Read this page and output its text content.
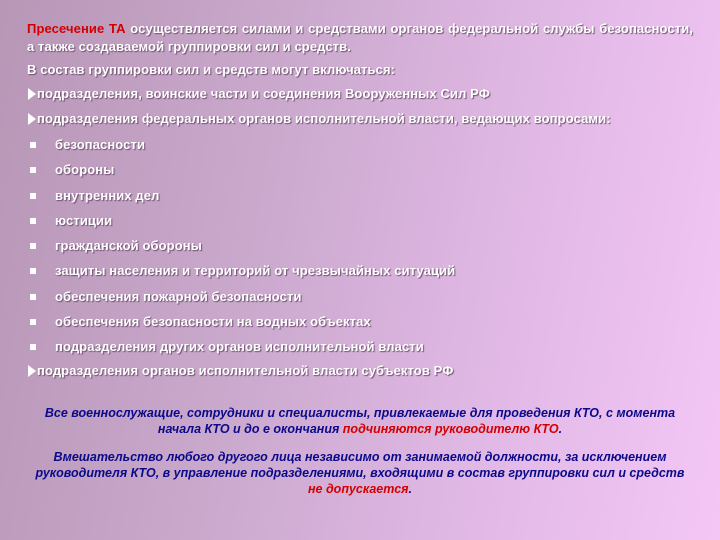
Пресечение ТА осуществляется силами и средствами органов федеральной службы безопасности, а также создаваемой группировки сил и средств.
В состав группировки сил и средств могут включаться:
подразделения, воинские части и соединения Вооруженных Сил РФ
подразделения федеральных органов исполнительной власти, ведающих вопросами:
безопасности
обороны
внутренних дел
юстиции
гражданской обороны
защиты населения и территорий от чрезвычайных ситуаций
обеспечения пожарной безопасности
обеспечения безопасности на водных объектах
подразделения других органов исполнительной власти
подразделения органов исполнительной власти субъектов РФ
Все военнослужащие, сотрудники и специалисты, привлекаемые для проведения КТО, с момента начала КТО и до е окончания подчиняются руководителю КТО.
Вмешательство любого другого лица независимо от занимаемой должности, за исключением руководителя КТО, в управление подразделениями, входящими в состав группировки сил и средств не допускается.
